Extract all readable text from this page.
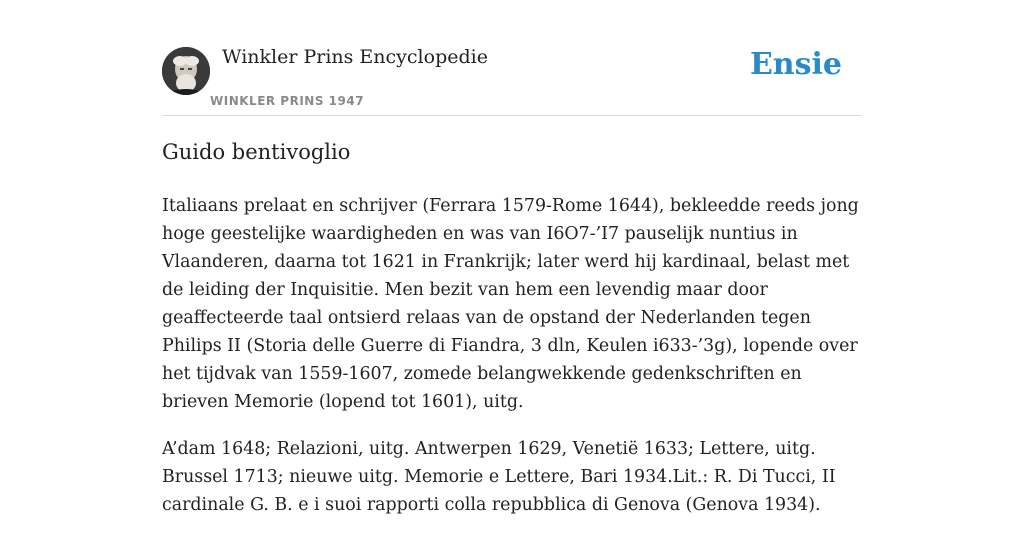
Winkler Prins Encyclopedie
WINKLER PRINS 1947
Ensie
Guido bentivoglio

Italiaans prelaat en schrijver (Ferrara 1579-Rome 1644), bekleedde reeds jong hoge geestelijke waardigheden en was van I6O7-’I7 pauselijk nuntius in Vlaanderen, daarna tot 1621 in Frankrijk; later werd hij kardinaal, belast met de leiding der Inquisitie. Men bezit van hem een levendig maar door geaffecteerde taal ontsierd relaas van de opstand der Nederlanden tegen Philips II (Storia delle Guerre di Fiandra, 3 dln, Keulen i633-’3g), lopende over het tijdvak van 1559-1607, zomede belangwekkende gedenkschriften en brieven Memorie (lopend tot 1601), uitg.

A’dam 1648; Relazioni, uitg. Antwerpen 1629, Venetië 1633; Lettere, uitg. Brussel 1713; nieuwe uitg. Memorie e Lettere, Bari 1934.Lit.: R. Di Tucci, II cardinale G. B. e i suoi rapporti colla repubblica di Genova (Genova 1934).
